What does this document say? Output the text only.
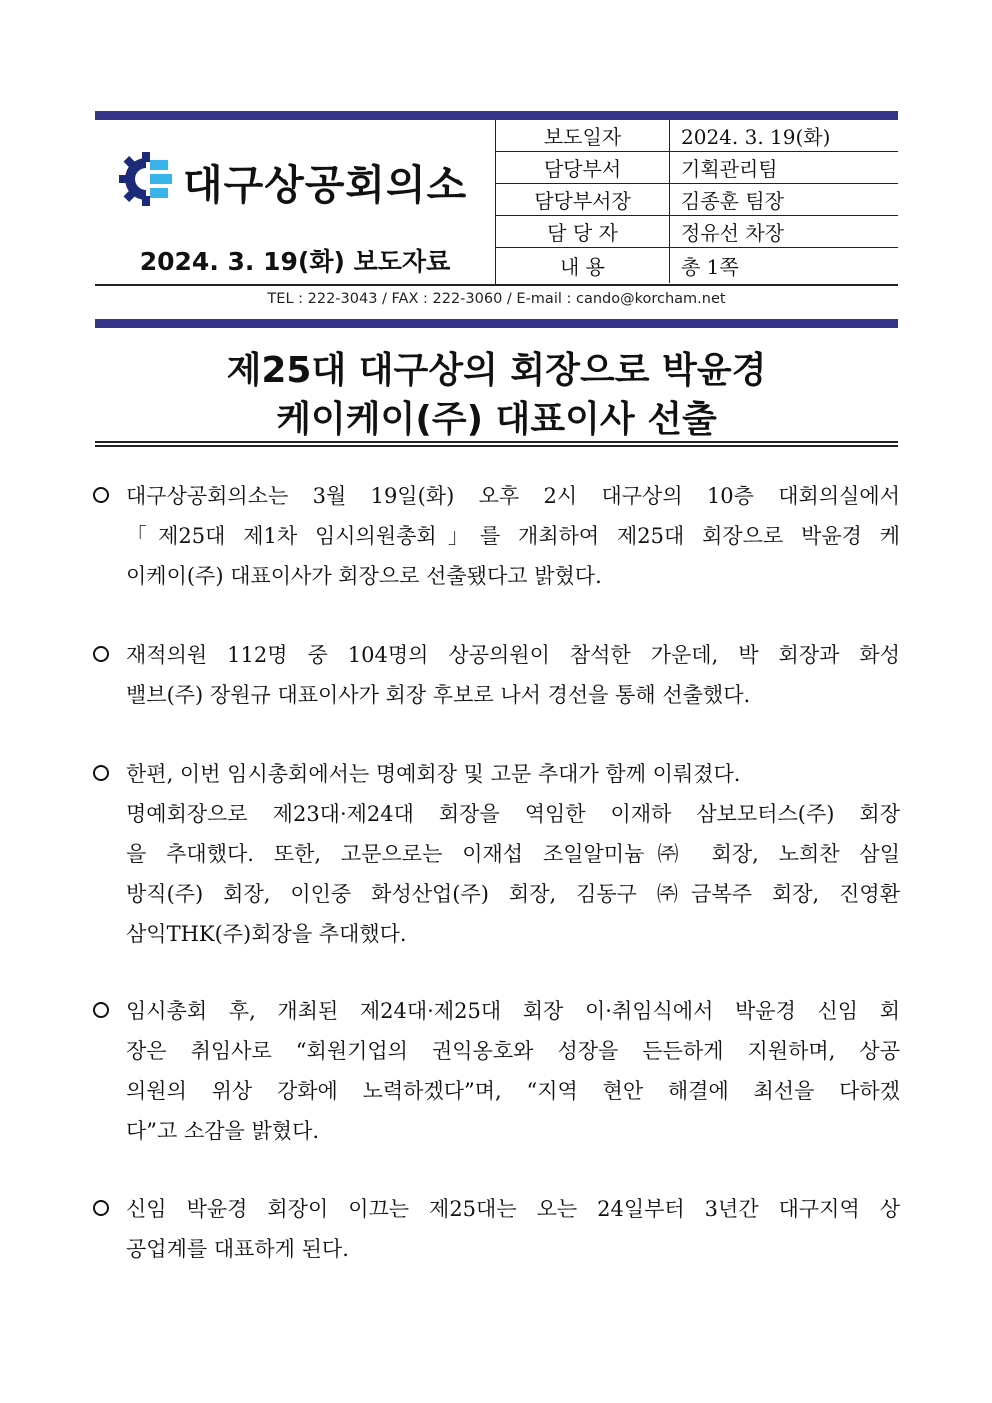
대구상공회의소
2024. 3. 19(화) 보도자료
보도일자	2024. 3. 19(화)
담당부서	기획관리팀
담당부서장	김종훈 팀장
담 당 자	정유선 차장
내 용	총 1쪽
TEL : 222-3043 / FAX : 222-3060 / E-mail : cando@korcham.net
제25대 대구상의 회장으로 박윤경
케이케이(주) 대표이사 선출
대구상공회의소는 3월 19일(화) 오후 2시 대구상의 10층 대회의실에서
「제25대 제1차 임시의원총회」를 개최하여 제25대 회장으로 박윤경 케
이케이(주) 대표이사가 회장으로 선출됐다고 밝혔다.
재적의원 112명 중 104명의 상공의원이 참석한 가운데, 박 회장과 화성
밸브(주) 장원규 대표이사가 회장 후보로 나서 경선을 통해 선출했다.
한편, 이번 임시총회에서는 명예회장 및 고문 추대가 함께 이뤄졌다.
명예회장으로 제23대·제24대 회장을 역임한 이재하 삼보모터스(주) 회장
을 추대했다. 또한, 고문으로는 이재섭 조일알미늄㈜ 회장, 노희찬 삼일
방직(주) 회장, 이인중 화성산업(주) 회장, 김동구 ㈜금복주 회장, 진영환
삼익THK(주)회장을 추대했다.
임시총회 후, 개최된 제24대·제25대 회장 이·취임식에서 박윤경 신임 회
장은 취임사로 “회원기업의 권익옹호와 성장을 든든하게 지원하며, 상공
의원의 위상 강화에 노력하겠다”며, “지역 현안 해결에 최선을 다하겠
다”고 소감을 밝혔다.
신임 박윤경 회장이 이끄는 제25대는 오는 24일부터 3년간 대구지역 상
공업계를 대표하게 된다.
